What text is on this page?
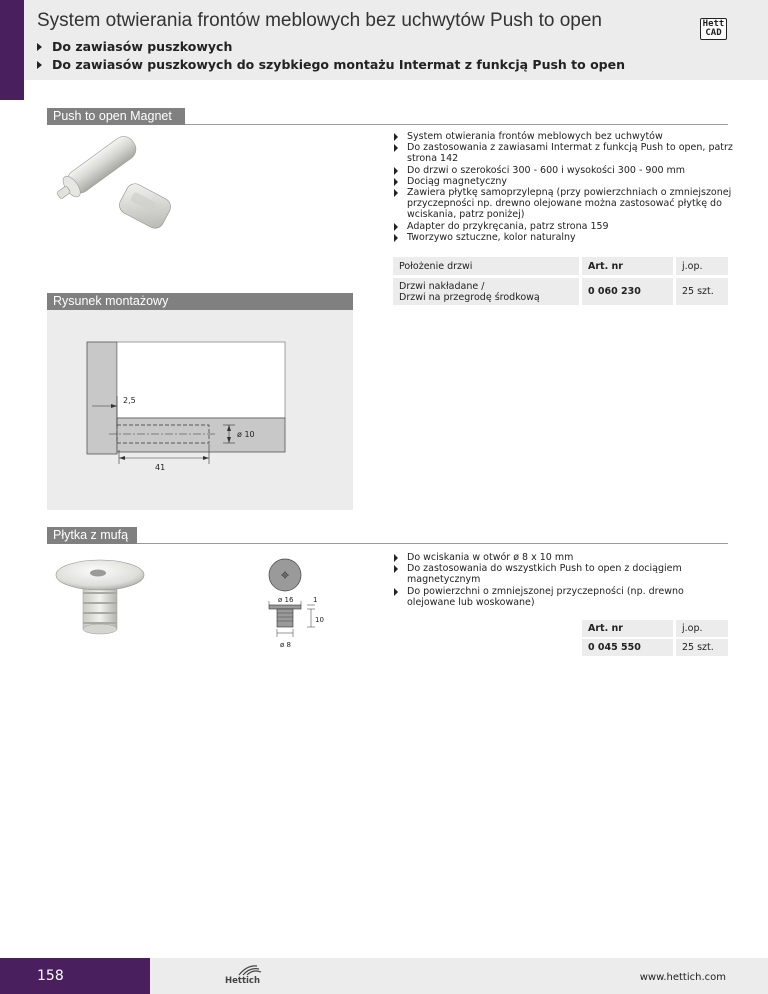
System otwierania frontów meblowych bez uchwytów Push to open
Do zawiasów puszkowych
Do zawiasów puszkowych do szybkiego montażu Intermat z funkcją Push to open
Hett
CAD
Push to open Magnet
System otwierania frontów meblowych bez uchwytów
Do zastosowania z zawiasami Intermat z funkcją Push to open, patrz strona 142
Do drzwi o szerokości 300 - 600 i wysokości 300 - 900 mm
Dociąg magnetyczny
Zawiera płytkę samoprzylepną (przy powierzchniach o zmniejszonej przyczepności np. drewno olejowane można zastosować płytkę do wciskania, patrz poniżej)
Adapter do przykręcania, patrz strona 159
Tworzywo sztuczne, kolor naturalny
Położenie drzwi	Art. nr	j.op.
Drzwi nakładane /
Drzwi na przegrodę środkową
0 060 230	25 szt.
Rysunek montażowy
2,5
ø 10
41
Płytka z mufą
ø 16	1
10
ø 8
Do wciskania w otwór ø 8 x 10 mm
Do zastosowania do wszystkich Push to open z dociągiem magnetycznym
Do powierzchni o zmniejszonej przyczepności (np. drewno olejowane lub woskowane)
Art. nr	j.op.
0 045 550	25 szt.
158	Hettich	www.hettich.com
